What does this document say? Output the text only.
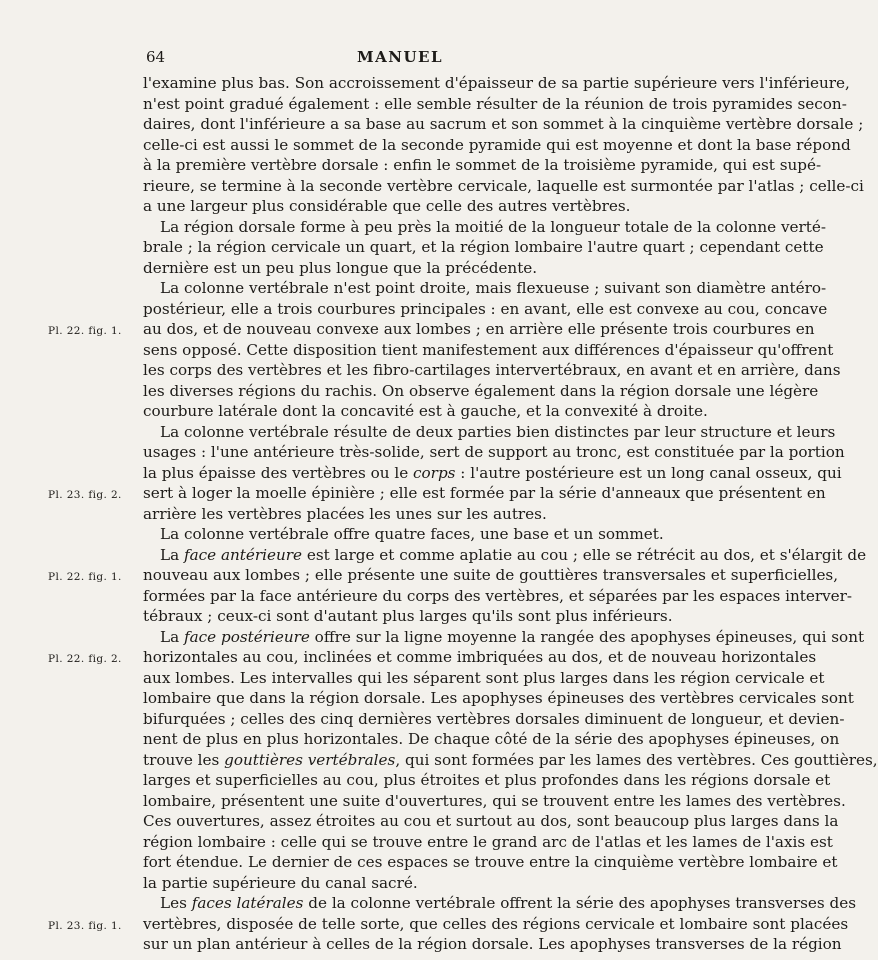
64	MANUEL
l'examine plus bas. Son accroissement d'épaisseur de sa partie supérieure vers l'inférieure,
n'est point gradué également : elle semble résulter de la réunion de trois pyramides secon-
daires, dont l'inférieure a sa base au sacrum et son sommet à la cinquième vertèbre dorsale ;
celle-ci est aussi le sommet de la seconde pyramide qui est moyenne et dont la base répond
à la première vertèbre dorsale : enfin le sommet de la troisième pyramide, qui est supé-
rieure, se termine à la seconde vertèbre cervicale, laquelle est surmontée par l'atlas ; celle-ci
a une largeur plus considérable que celle des autres vertèbres.
La région dorsale forme à peu près la moitié de la longueur totale de la colonne verté-
brale ; la région cervicale un quart, et la région lombaire l'autre quart ; cependant cette
dernière est un peu plus longue que la précédente.
La colonne vertébrale n'est point droite, mais flexueuse ; suivant son diamètre antéro-
postérieur, elle a trois courbures principales : en avant, elle est convexe au cou, concave
au dos, et de nouveau convexe aux lombes ; en arrière elle présente trois courbures en
sens opposé. Cette disposition tient manifestement aux différences d'épaisseur qu'offrent
les corps des vertèbres et les fibro-cartilages intervertébraux, en avant et en arrière, dans
les diverses régions du rachis. On observe également dans la région dorsale une légère
courbure latérale dont la concavité est à gauche, et la convexité à droite.
La colonne vertébrale résulte de deux parties bien distinctes par leur structure et leurs
usages : l'une antérieure très-solide, sert de support au tronc, est constituée par la portion
la plus épaisse des vertèbres ou le corps : l'autre postérieure est un long canal osseux, qui
sert à loger la moelle épinière ; elle est formée par la série d'anneaux que présentent en
arrière les vertèbres placées les unes sur les autres.
La colonne vertébrale offre quatre faces, une base et un sommet.
La face antérieure est large et comme aplatie au cou ; elle se rétrécit au dos, et s'élargit de
nouveau aux lombes ; elle présente une suite de gouttières transversales et superficielles,
formées par la face antérieure du corps des vertèbres, et séparées par les espaces interver-
tébraux ; ceux-ci sont d'autant plus larges qu'ils sont plus inférieurs.
La face postérieure offre sur la ligne moyenne la rangée des apophyses épineuses, qui sont
horizontales au cou, inclinées et comme imbriquées au dos, et de nouveau horizontales
aux lombes. Les intervalles qui les séparent sont plus larges dans les région cervicale et
lombaire que dans la région dorsale. Les apophyses épineuses des vertèbres cervicales sont
bifurquées ; celles des cinq dernières vertèbres dorsales diminuent de longueur, et devien-
nent de plus en plus horizontales. De chaque côté de la série des apophyses épineuses, on
trouve les gouttières vertébrales, qui sont formées par les lames des vertèbres. Ces gouttières,
larges et superficielles au cou, plus étroites et plus profondes dans les régions dorsale et
lombaire, présentent une suite d'ouvertures, qui se trouvent entre les lames des vertèbres.
Ces ouvertures, assez étroites au cou et surtout au dos, sont beaucoup plus larges dans la
région lombaire : celle qui se trouve entre le grand arc de l'atlas et les lames de l'axis est
fort étendue. Le dernier de ces espaces se trouve entre la cinquième vertèbre lombaire et
la partie supérieure du canal sacré.
Les faces latérales de la colonne vertébrale offrent la série des apophyses transverses des
vertèbres, disposée de telle sorte, que celles des régions cervicale et lombaire sont placées
sur un plan antérieur à celles de la région dorsale. Les apophyses transverses de la région
Pl. 22. fig. 1.
Pl. 23. fig. 2.
Pl. 22. fig. 1.
Pl. 22. fig. 2.
Pl. 23. fig. 1.
